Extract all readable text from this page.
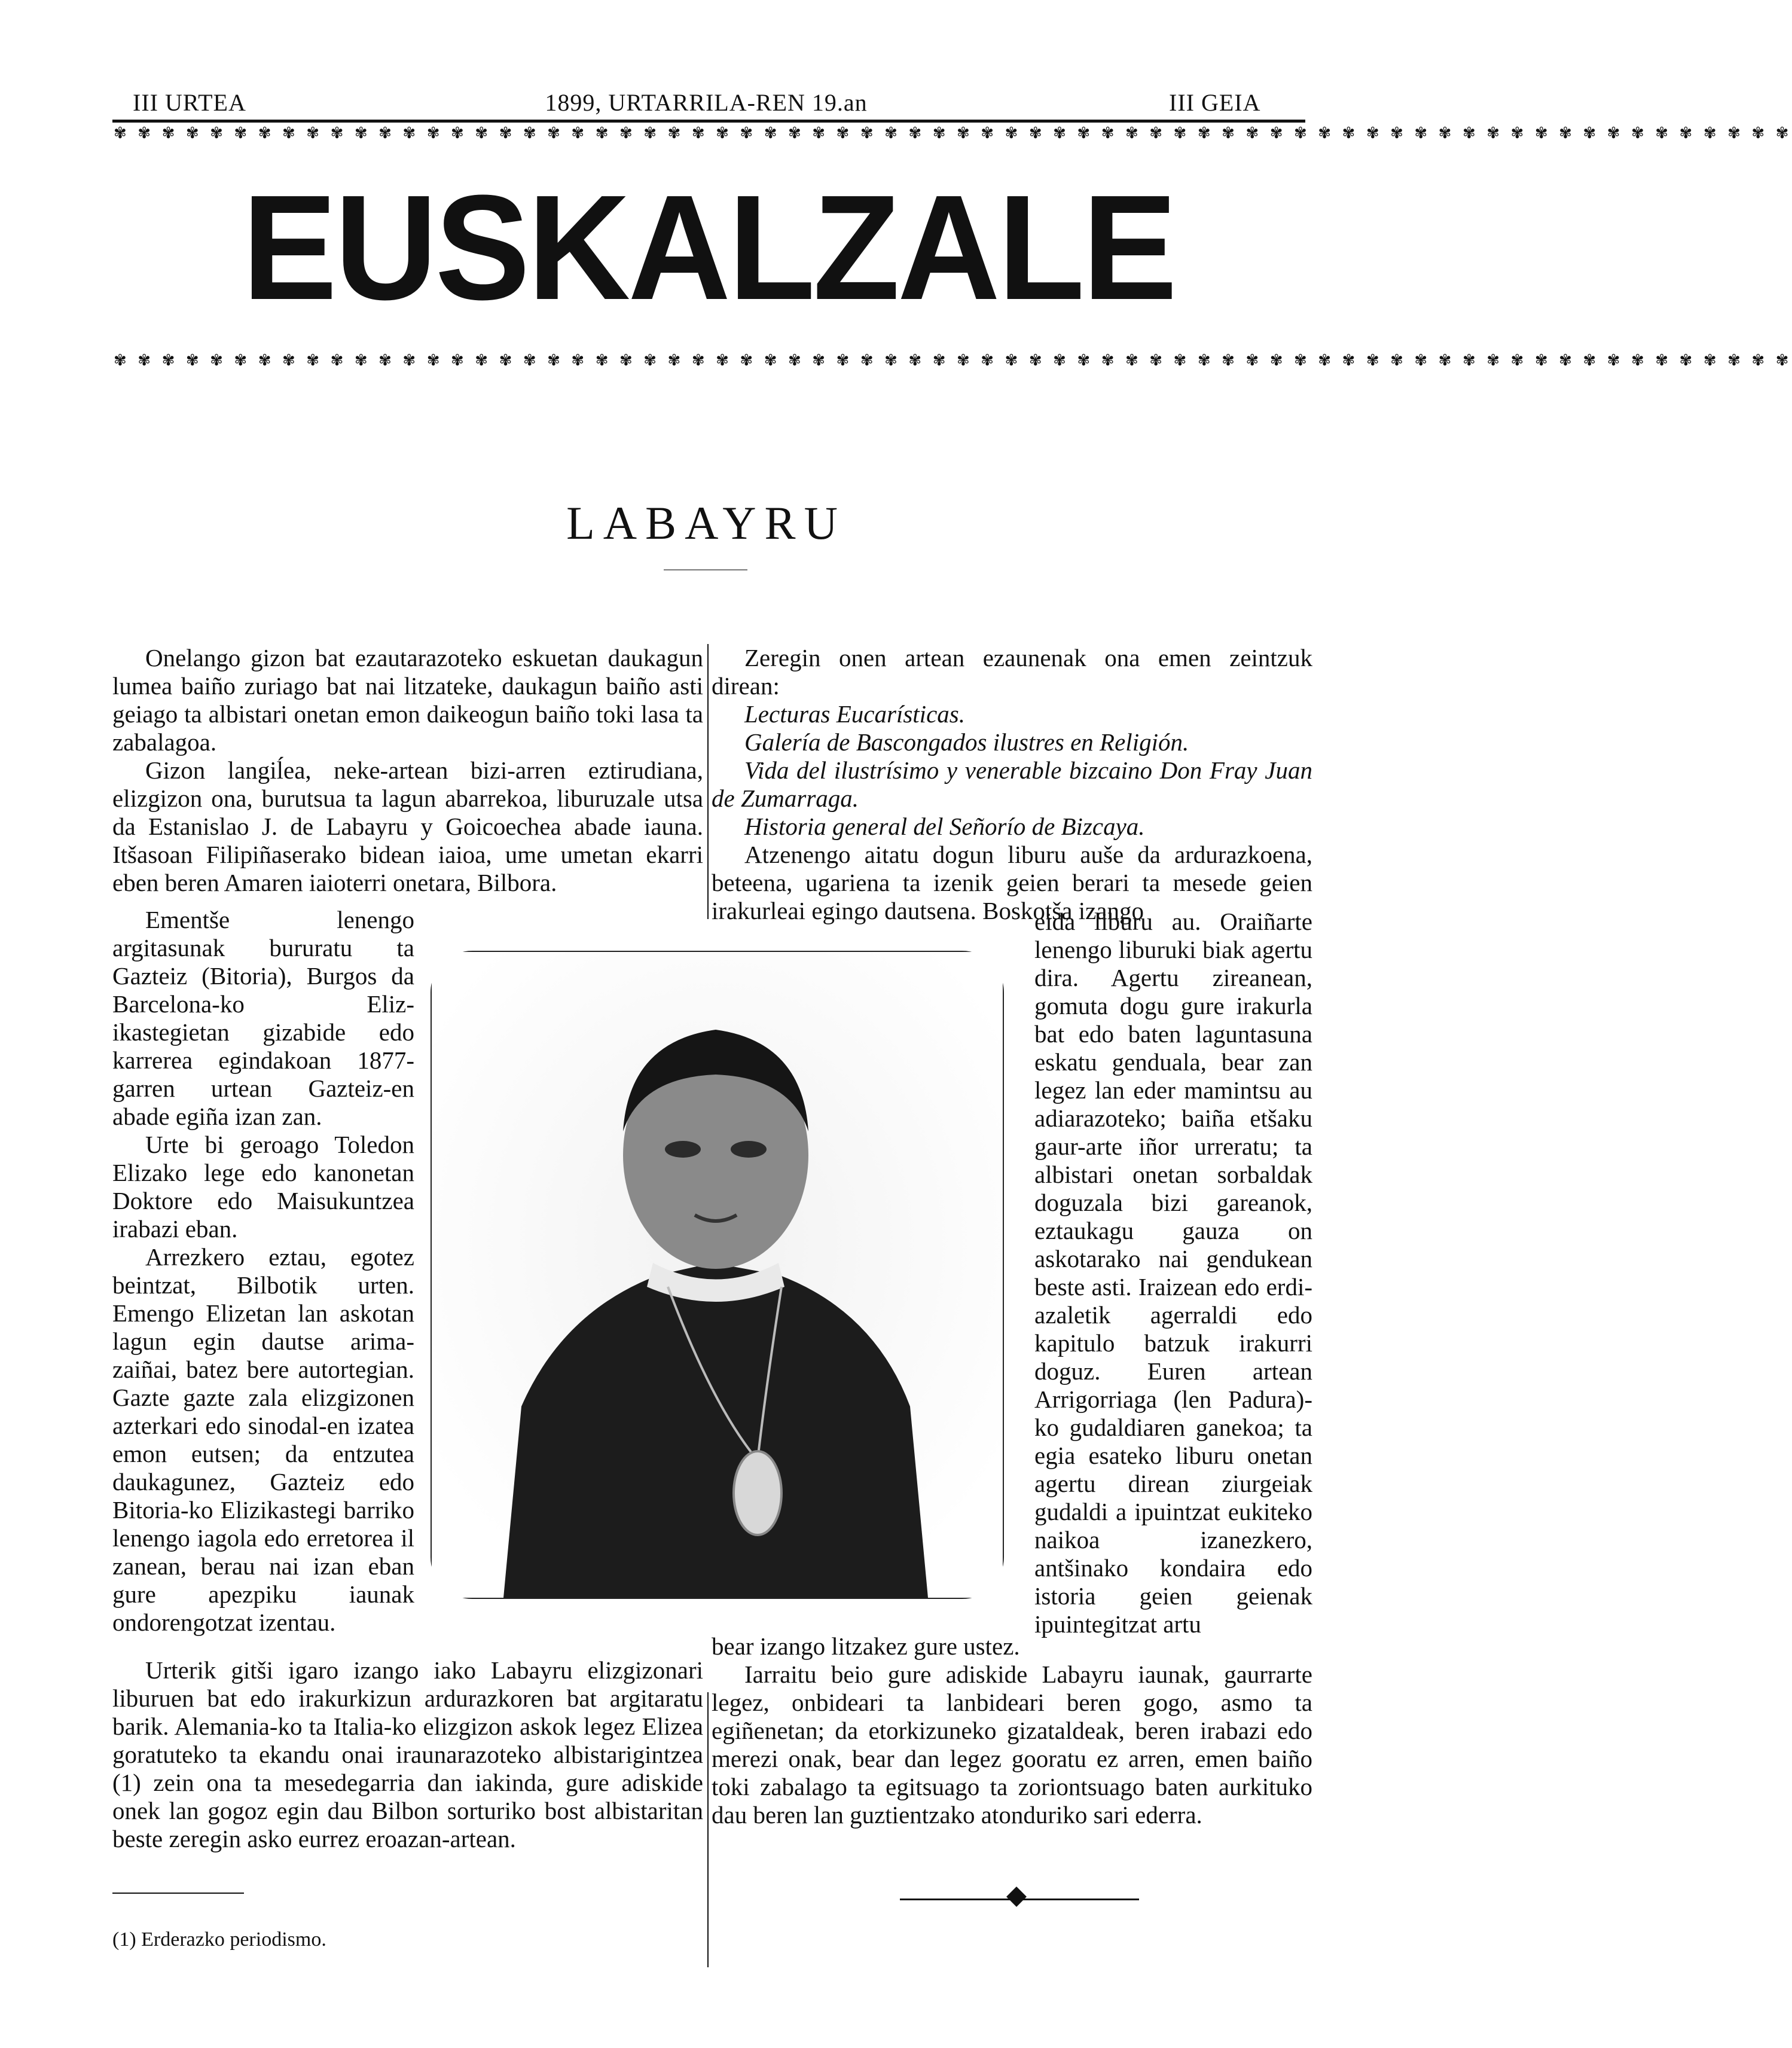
III URTEA	1899, URTARRILA-REN 19.an	III GEIA
✾ ✾ ✾ ✾ ✾ ✾ ✾ ✾ ✾ ✾ ✾ ✾ ✾ ✾ ✾ ✾ ✾ ✾ ✾ ✾ ✾ ✾ ✾ ✾ ✾ ✾ ✾ ✾ ✾ ✾ ✾ ✾ ✾ ✾ ✾ ✾ ✾ ✾ ✾ ✾ ✾ ✾ ✾ ✾ ✾ ✾ ✾ ✾ ✾ ✾ ✾ ✾ ✾ ✾ ✾ ✾ ✾ ✾ ✾ ✾ ✾ ✾ ✾ ✾ ✾ ✾ ✾ ✾ ✾ ✾
EUSKALZALE
✾ ✾ ✾ ✾ ✾ ✾ ✾ ✾ ✾ ✾ ✾ ✾ ✾ ✾ ✾ ✾ ✾ ✾ ✾ ✾ ✾ ✾ ✾ ✾ ✾ ✾ ✾ ✾ ✾ ✾ ✾ ✾ ✾ ✾ ✾ ✾ ✾ ✾ ✾ ✾ ✾ ✾ ✾ ✾ ✾ ✾ ✾ ✾ ✾ ✾ ✾ ✾ ✾ ✾ ✾ ✾ ✾ ✾ ✾ ✾ ✾ ✾ ✾ ✾ ✾ ✾ ✾ ✾ ✾ ✾
LABAYRU

Onelango gizon bat ezautarazoteko eskuetan daukagun lumea baiño zuriago bat nai litzateke, daukagun baiño asti geiago ta albistari onetan emon daikeogun baiño toki lasa ta zabalagoa.

Gizon langiĺea, neke-artean bizi-arren eztirudiana, elizgizon ona, burutsua ta lagun abarrekoa, liburuzale utsa da Estanislao J. de Labayru y Goicoechea abade iauna. Itšasoan Filipiñaserako bidean iaioa, ume umetan ekarri eben beren Amaren iaioterri onetara, Bilbora.

Ementše lenengo argitasunak bururatu ta Gazteiz (Bitoria), Burgos da Barcelona-ko Eliz-ikastegietan gizabide edo karrerea egindakoan 1877-garren urtean Gazteiz-en abade egiña izan zan.

Urte bi geroago Toledon Elizako lege edo kanonetan Doktore edo Maisukuntzea irabazi eban.

Arrezkero eztau, egotez beintzat, Bilbotik urten. Emengo Elizetan lan askotan lagun egin dautse arima-zaiñai, batez bere autortegian. Gazte gazte zala elizgizonen azterkari edo sinodal-en izatea emon eutsen; da entzutea daukagunez, Gazteiz edo Bitoria-ko Elizikastegi barriko lenengo iagola edo erretorea il zanean, berau nai izan eban gure apezpiku iaunak ondorengotzat izentau.

Urterik gitši igaro izango iako Labayru elizgizonari liburuen bat edo irakurkizun ardurazkoren bat argitaratu barik. Alemania-ko ta Italia-ko elizgizon askok legez Elizea goratuteko ta ekandu onai iraunarazoteko albistarigintzea (1) zein ona ta mesedegarria dan iakinda, gure adiskide onek lan gogoz egin dau Bilbon sorturiko bost albistaritan beste zeregin asko eurrez eroazan-artean.

Zeregin onen artean ezaunenak ona emen zeintzuk direan:

Lecturas Eucarísticas.

Galería de Bascongados ilustres en Religión.

Vida del ilustrísimo y venerable bizcaino Don Fray Juan de Zumarraga.

Historia general del Señorío de Bizcaya.

Atzenengo aitatu dogun liburu auše da ardurazkoena, beteena, ugariena ta izenik geien berari ta mesede geien irakurleai egingo dautsena. Boskotša izango

eida liburu au. Oraiñarte lenengo liburuki biak agertu dira. Agertu zireanean, gomuta dogu gure irakurla bat edo baten laguntasuna eskatu genduala, bear zan legez lan eder mamintsu au adiarazoteko; baiña etšaku gaur-arte iñor urreratu; ta albistari onetan sorbaldak doguzala bizi gareanok, eztaukagu gauza on askotarako nai gendukean beste asti. Iraizean edo erdi-azaletik agerraldi edo kapitulo batzuk irakurri doguz. Euren artean Arrigorriaga (len Padura)-ko gudaldiaren ganekoa; ta egia esateko liburu onetan agertu direan ziurgeiak gudaldi a ipuintzat eukiteko naikoa izanezkero, antšinako kondaira edo istoria geien geienak ipuintegitzat artu

bear izango litzakez gure ustez.

Iarraitu beio gure adiskide Labayru iaunak, gaurrarte legez, onbideari ta lanbideari beren gogo, asmo ta egiñenetan; da etorkizuneko gizataldeak, beren irabazi edo merezi onak, bear dan legez gooratu ez arren, emen baiño toki zabalago ta egitsuago ta zoriontsuago baten aurkituko dau beren lan guztientzako atonduriko sari ederra.

(1) Erderazko periodismo.
